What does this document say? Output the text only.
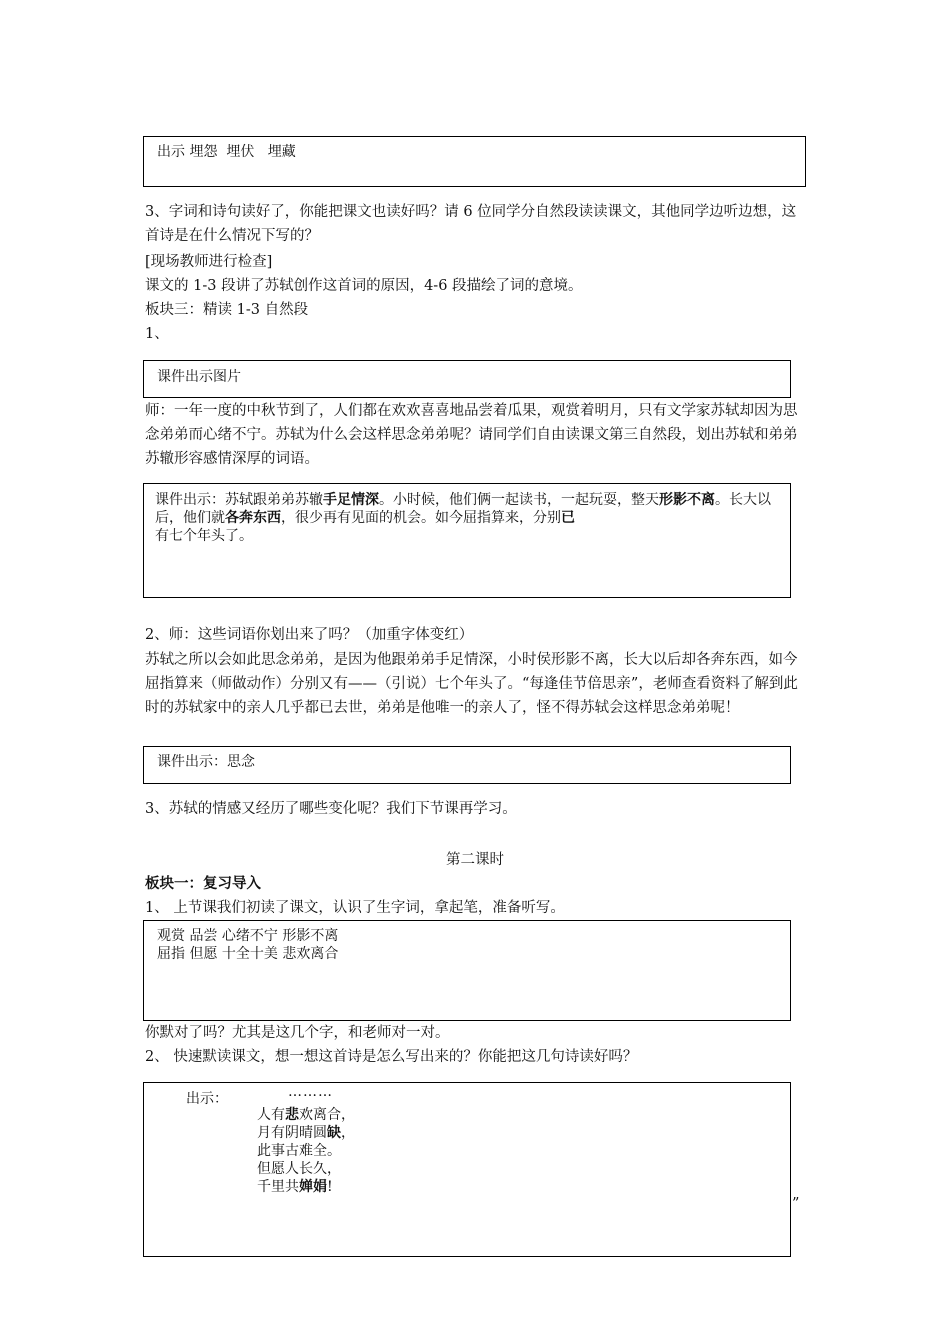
出示 埋怨  埋伏   埋藏
3、字词和诗句读好了，你能把课文也读好吗？请 6 位同学分自然段读读课文，其他同学边听边想，这首诗是在什么情况下写的？
[现场教师进行检查]
课文的 1-3 段讲了苏轼创作这首词的原因，4-6 段描绘了词的意境。
板块三：精读 1-3 自然段
1、
课件出示图片
师：一年一度的中秋节到了，人们都在欢欢喜喜地品尝着瓜果，观赏着明月，只有文学家苏轼却因为思念弟弟而心绪不宁。苏轼为什么会这样思念弟弟呢？请同学们自由读课文第三自然段，划出苏轼和弟弟苏辙形容感情深厚的词语。
课件出示：苏轼跟弟弟苏辙手足情深。小时候，他们俩一起读书，一起玩耍，整天形影不离。长大以后，他们就各奔东西，很少再有见面的机会。如今屈指算来，分别已
有七个年头了。
2、师：这些词语你划出来了吗？（加重字体变红）
苏轼之所以会如此思念弟弟，是因为他跟弟弟手足情深，小时侯形影不离，长大以后却各奔东西，如今屈指算来（师做动作）分别又有——（引说）七个年头了。“每逢佳节倍思亲”，老师查看资料了解到此时的苏轼家中的亲人几乎都已去世，弟弟是他唯一的亲人了，怪不得苏轼会这样思念弟弟呢！
课件出示：思念
3、苏轼的情感又经历了哪些变化呢？我们下节课再学习。
第二课时
板块一：复习导入
1、 上节课我们初读了课文，认识了生字词，拿起笔，准备听写。
观赏 品尝 心绪不宁 形影不离
屈指 但愿 十全十美 悲欢离合
你默对了吗？尤其是这几个字，和老师对一对。
2、 快速默读课文，想一想这首诗是怎么写出来的？你能把这几句诗读好吗？
出示：	………
人有悲欢离合，
月有阴晴圆缺，
此事古难全。
但愿人长久，
千里共婵娟!
”
